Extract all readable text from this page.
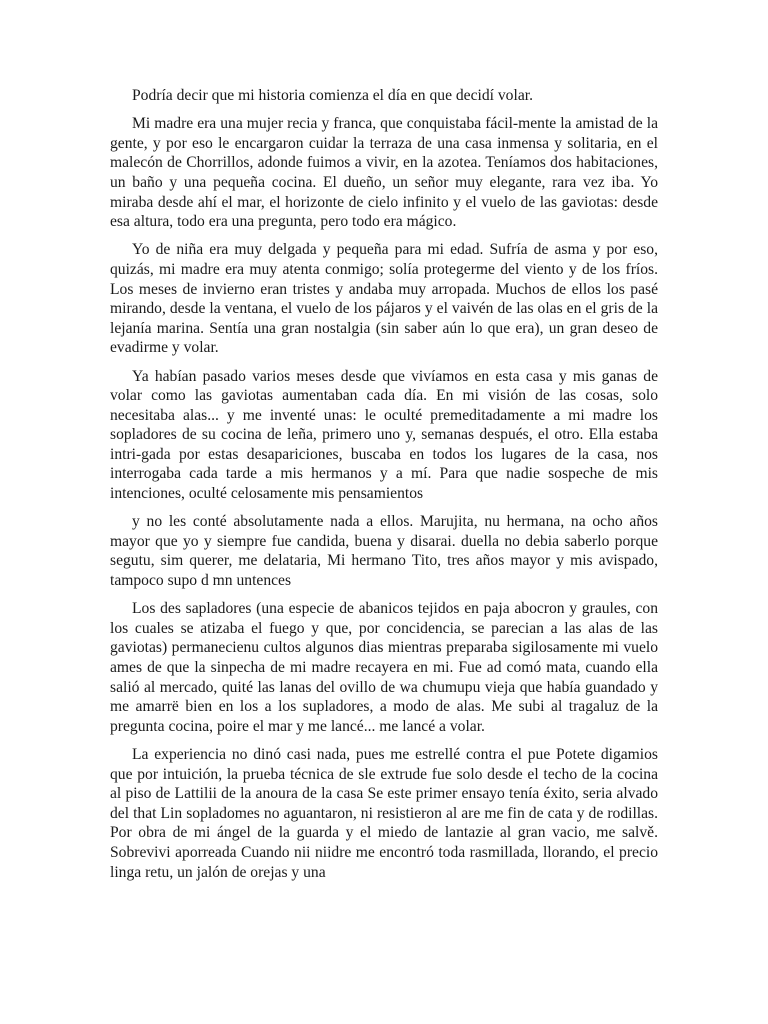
Podría decir que mi historia comienza el día en que decidí volar.

Mi madre era una mujer recia y franca, que conquistaba fácil-mente la amistad de la gente, y por eso le encargaron cuidar la terraza de una casa inmensa y solitaria, en el malecón de Chorrillos, adonde fuimos a vivir, en la azotea. Teníamos dos habitaciones, un baño y una pequeña cocina. El dueño, un señor muy elegante, rara vez iba. Yo miraba desde ahí el mar, el horizonte de cielo infinito y el vuelo de las gaviotas: desde esa altura, todo era una pregunta, pero todo era mágico.

Yo de niña era muy delgada y pequeña para mi edad. Sufría de asma y por eso, quizás, mi madre era muy atenta conmigo; solía protegerme del viento y de los fríos. Los meses de invierno eran tristes y andaba muy arropada. Muchos de ellos los pasé mirando, desde la ventana, el vuelo de los pájaros y el vaivén de las olas en el gris de la lejanía marina. Sentía una gran nostalgia (sin saber aún lo que era), un gran deseo de evadirme y volar.

Ya habían pasado varios meses desde que vivíamos en esta casa y mis ganas de volar como las gaviotas aumentaban cada día. En mi visión de las cosas, solo necesitaba alas... y me inventé unas: le oculté premeditadamente a mi madre los sopladores de su cocina de leña, primero uno y, semanas después, el otro. Ella estaba intri-gada por estas desapariciones, buscaba en todos los lugares de la casa, nos interrogaba cada tarde a mis hermanos y a mí. Para que nadie sospeche de mis intenciones, oculté celosamente mis pensamientos

y no les conté absolutamente nada a ellos. Marujita, nu hermana, na ocho años mayor que yo y siempre fue candida, buena y disarai. duella no debia saberlo porque segutu, sim querer, me delataria, Mi hermano Tito, tres años mayor y mis avispado, tampoco supo d mn untences

Los des sapladores (una especie de abanicos tejidos en paja abocron y graules, con los cuales se atizaba el fuego y que, por concidencia, se parecian a las alas de las gaviotas) permanecienu cultos algunos dias mientras preparaba sigilosamente mi vuelo ames de que la sinpecha de mi madre recayera en mi. Fue ad comó mata, cuando ella salió al mercado, quité las lanas del ovillo de wa chumupu vieja que había guandado y me amarrë bien en los a los supladores, a modo de alas. Me subi al tragaluz de la pregunta cocina, poire el mar y me lancé... me lancé a volar.

La experiencia no dinó casi nada, pues me estrellé contra el pue Potete digamios que por intuición, la prueba técnica de sle extrude fue solo desde el techo de la cocina al piso de Lattilii de la anoura de la casa Se este primer ensayo tenía éxito, seria alvado del that Lin sopladomes no aguantaron, ni resistieron al are me fin de cata y de rodillas. Por obra de mi ángel de la guarda y el miedo de lantazie al gran vacio, me salvě. Sobrevivi aporreada Cuando nii niidre me encontró toda rasmillada, llorando, el precio linga retu, un jalón de orejas y una
